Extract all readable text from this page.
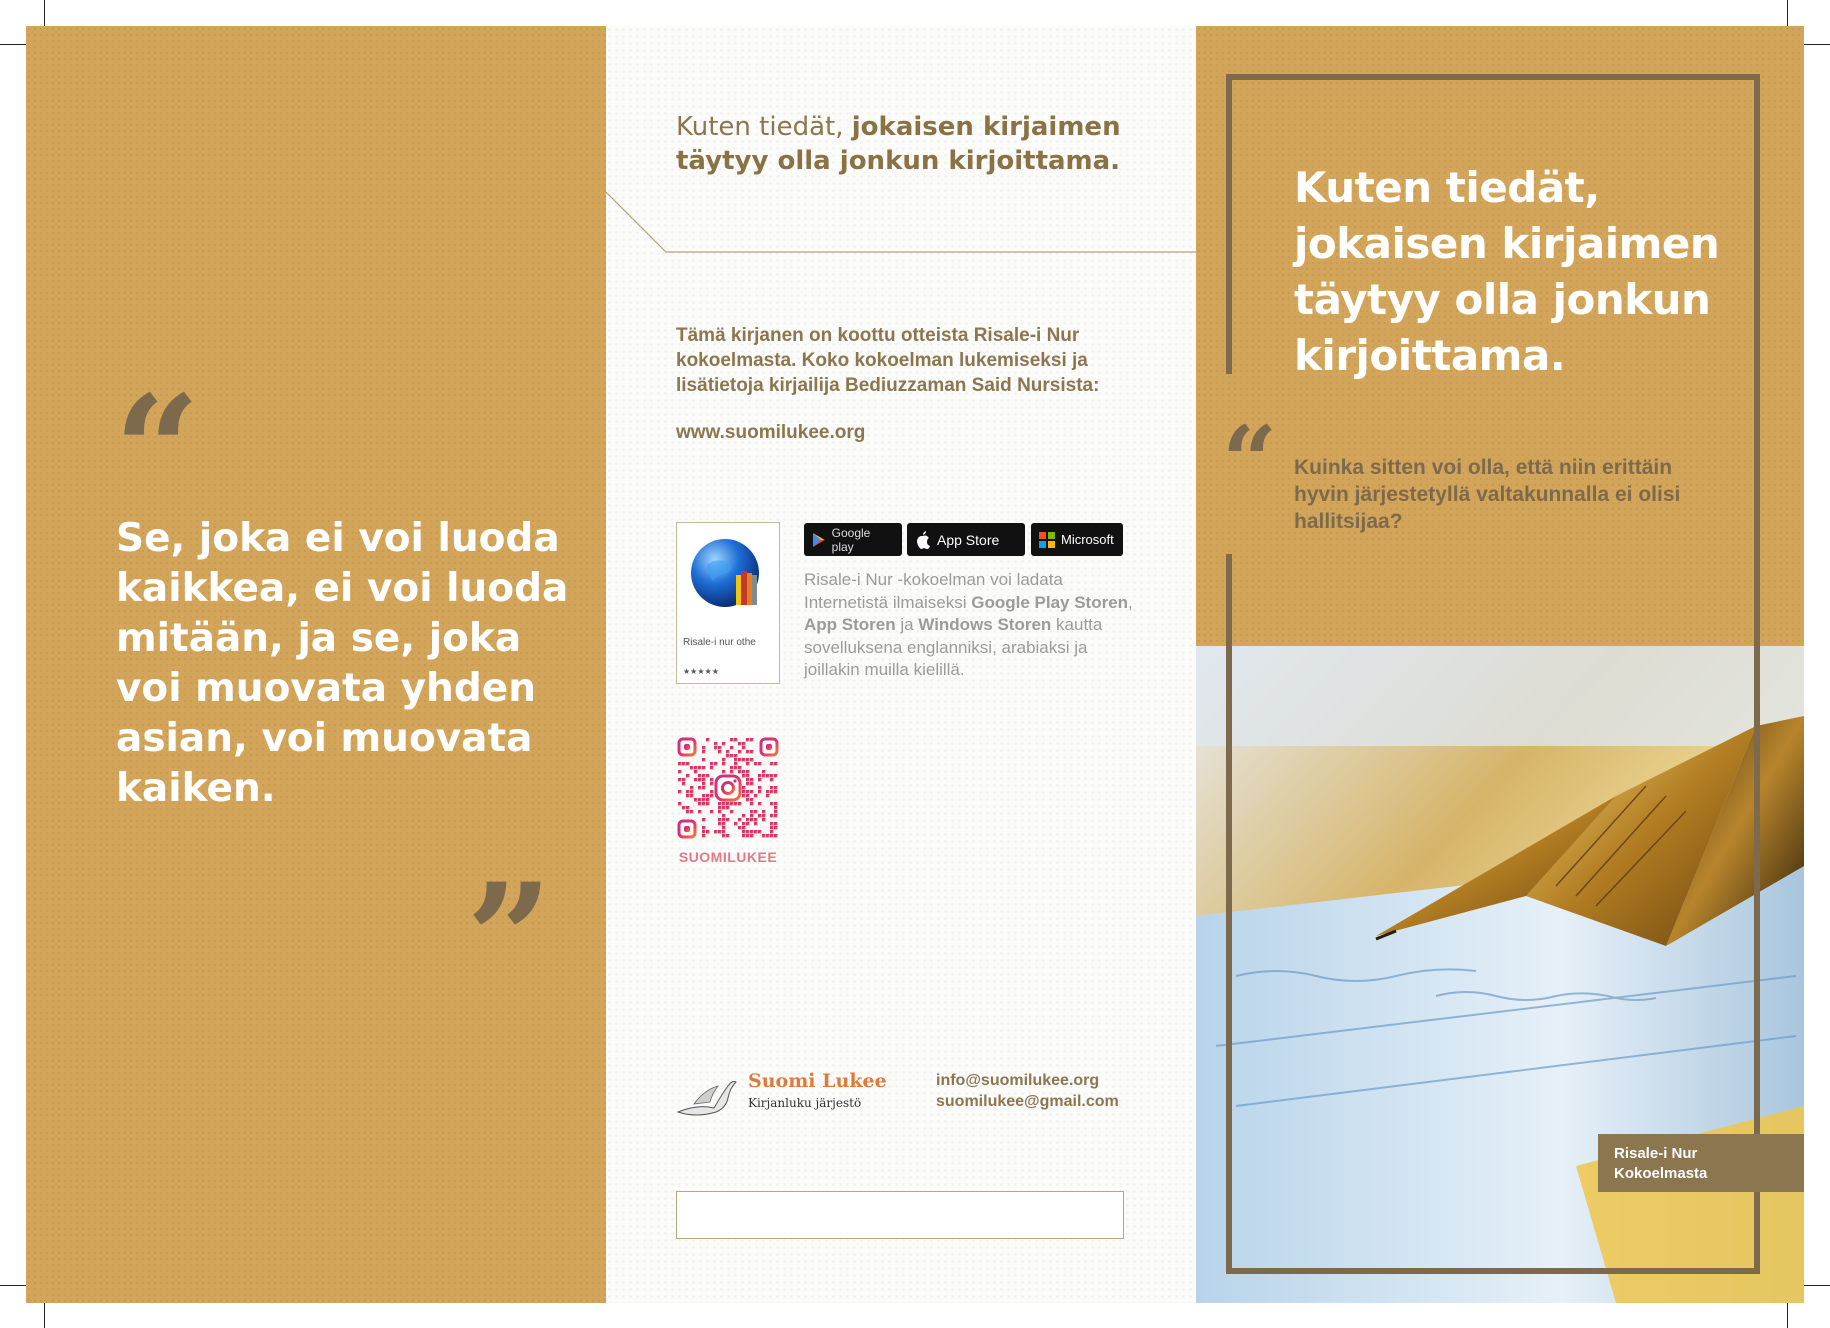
“
Se, joka ei voi luoda kaikkea, ei voi luoda mitään, ja se, joka voi muovata yhden asian, voi muovata kaiken.
”
Kuten tiedät, jokaisen kirjaimen
täytyy olla jonkun kirjoittama.
Tämä kirjanen on koottu otteista Risale-i Nur kokoelmasta. Koko kokoelman lukemiseksi ja lisätietoja kirjailija Bediuzzaman Said Nursista:
www.suomilukee.org
Risale-i nur othe
★★★★★
Google play	App Store	Microsoft
Risale-i Nur -kokoelman voi ladata Internetistä ilmaiseksi Google Play Storen, App Storen ja Windows Storen kautta sovelluksena englanniksi, arabiaksi ja joillakin muilla kielillä.
SUOMILUKEE
Suomi Lukee
Kirjanluku järjestö
info@suomilukee.org
suomilukee@gmail.com
Kuten tiedät, jokaisen kirjaimen täytyy olla jonkun kirjoittama.
“ Kuinka sitten voi olla, että niin erittäin hyvin järjestetyllä valtakunnalla ei olisi hallitsijaa?
Risale-i Nur
Kokoelmasta
